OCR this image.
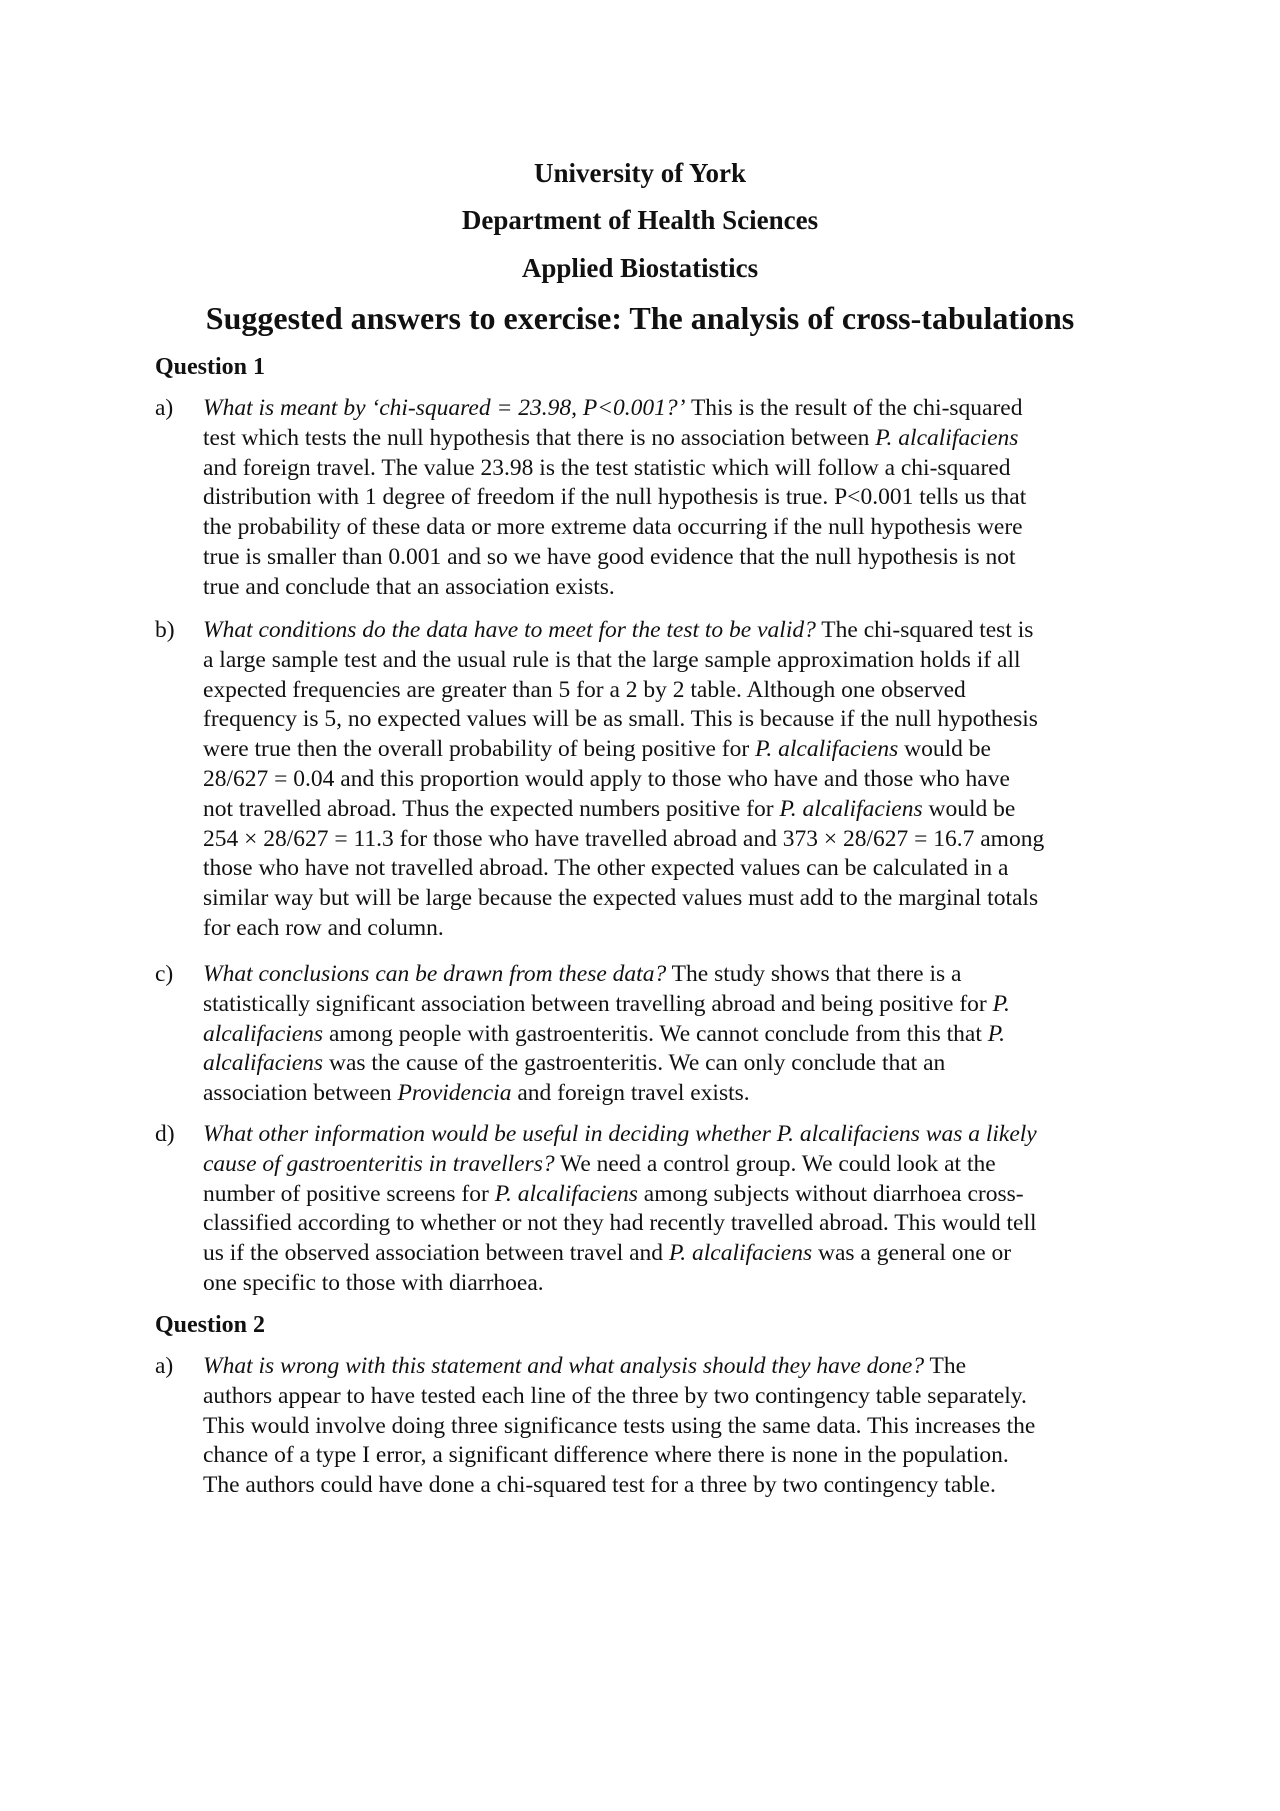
University of York
Department of Health Sciences
Applied Biostatistics
Suggested answers to exercise: The analysis of cross-tabulations
Question 1
a) What is meant by ‘chi-squared = 23.98, P<0.001?’ This is the result of the chi-squared
test which tests the null hypothesis that there is no association between P. alcalifaciens
and foreign travel. The value 23.98 is the test statistic which will follow a chi-squared
distribution with 1 degree of freedom if the null hypothesis is true. P<0.001 tells us that
the probability of these data or more extreme data occurring if the null hypothesis were
true is smaller than 0.001 and so we have good evidence that the null hypothesis is not
true and conclude that an association exists.
b) What conditions do the data have to meet for the test to be valid? The chi-squared test is
a large sample test and the usual rule is that the large sample approximation holds if all
expected frequencies are greater than 5 for a 2 by 2 table. Although one observed
frequency is 5, no expected values will be as small. This is because if the null hypothesis
were true then the overall probability of being positive for P. alcalifaciens would be
28/627 = 0.04 and this proportion would apply to those who have and those who have
not travelled abroad. Thus the expected numbers positive for P. alcalifaciens would be
254 × 28/627 = 11.3 for those who have travelled abroad and 373 × 28/627 = 16.7 among
those who have not travelled abroad. The other expected values can be calculated in a
similar way but will be large because the expected values must add to the marginal totals
for each row and column.
c) What conclusions can be drawn from these data? The study shows that there is a
statistically significant association between travelling abroad and being positive for P.
alcalifaciens among people with gastroenteritis. We cannot conclude from this that P.
alcalifaciens was the cause of the gastroenteritis. We can only conclude that an
association between Providencia and foreign travel exists.
d) What other information would be useful in deciding whether P. alcalifaciens was a likely
cause of gastroenteritis in travellers? We need a control group. We could look at the
number of positive screens for P. alcalifaciens among subjects without diarrhoea cross-
classified according to whether or not they had recently travelled abroad. This would tell
us if the observed association between travel and P. alcalifaciens was a general one or
one specific to those with diarrhoea.
Question 2
a) What is wrong with this statement and what analysis should they have done? The
authors appear to have tested each line of the three by two contingency table separately.
This would involve doing three significance tests using the same data. This increases the
chance of a type I error, a significant difference where there is none in the population.
The authors could have done a chi-squared test for a three by two contingency table.
